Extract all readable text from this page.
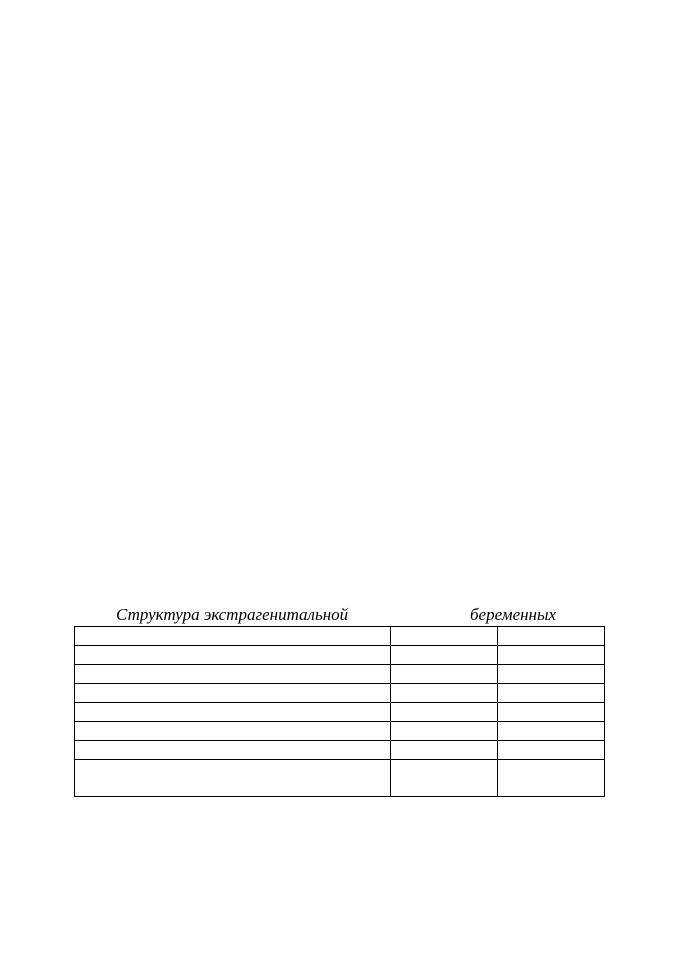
Структура экстрагенитальной	беременных
